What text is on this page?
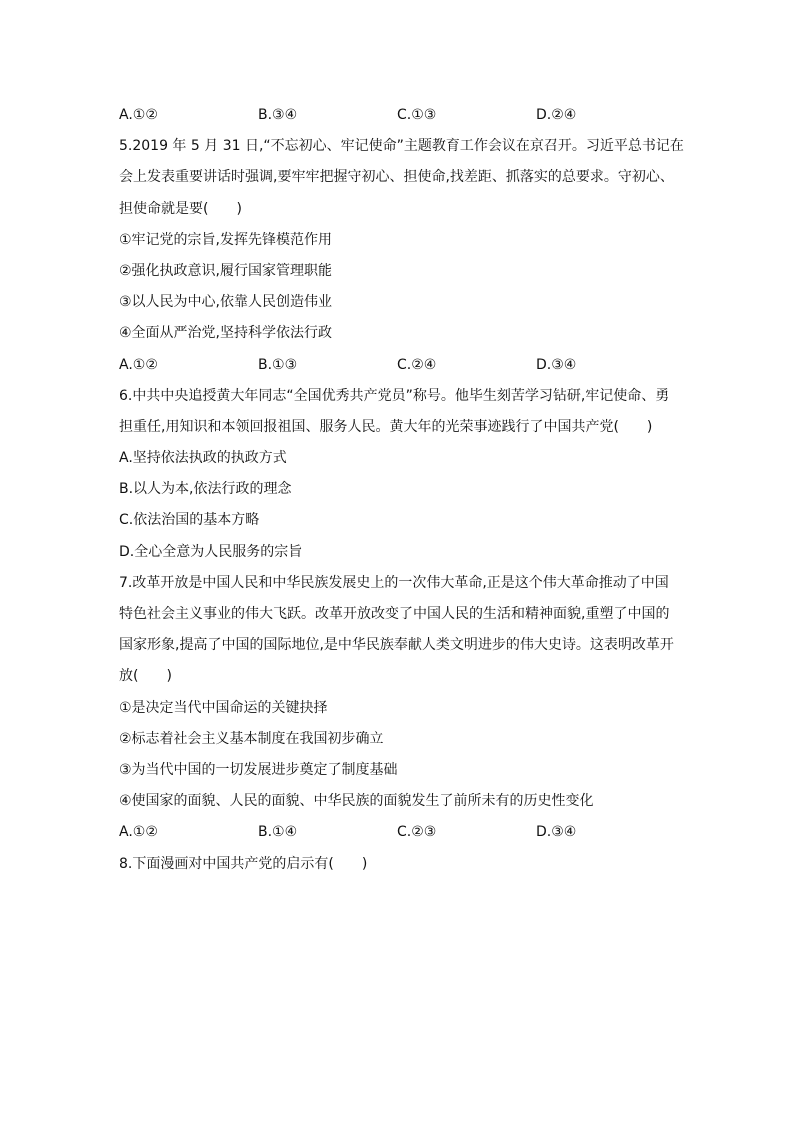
A.①②	B.③④	C.①③	D.②④
5.2019 年 5 月 31 日,“不忘初心、牢记使命”主题教育工作会议在京召开。习近平总书记在
会上发表重要讲话时强调,要牢牢把握守初心、担使命,找差距、抓落实的总要求。守初心、
担使命就是要(　　)
①牢记党的宗旨,发挥先锋模范作用
②强化执政意识,履行国家管理职能
③以人民为中心,依靠人民创造伟业
④全面从严治党,坚持科学依法行政
A.①②	B.①③	C.②④	D.③④
6.中共中央追授黄大年同志“全国优秀共产党员”称号。他毕生刻苦学习钻研,牢记使命、勇
担重任,用知识和本领回报祖国、服务人民。黄大年的光荣事迹践行了中国共产党(　　)
A.坚持依法执政的执政方式
B.以人为本,依法行政的理念
C.依法治国的基本方略
D.全心全意为人民服务的宗旨
7.改革开放是中国人民和中华民族发展史上的一次伟大革命,正是这个伟大革命推动了中国
特色社会主义事业的伟大飞跃。改革开放改变了中国人民的生活和精神面貌,重塑了中国的
国家形象,提高了中国的国际地位,是中华民族奉献人类文明进步的伟大史诗。这表明改革开
放(　　)
①是决定当代中国命运的关键抉择
②标志着社会主义基本制度在我国初步确立
③为当代中国的一切发展进步奠定了制度基础
④使国家的面貌、人民的面貌、中华民族的面貌发生了前所未有的历史性变化
A.①②	B.①④	C.②③	D.③④
8.下面漫画对中国共产党的启示有(　　)
